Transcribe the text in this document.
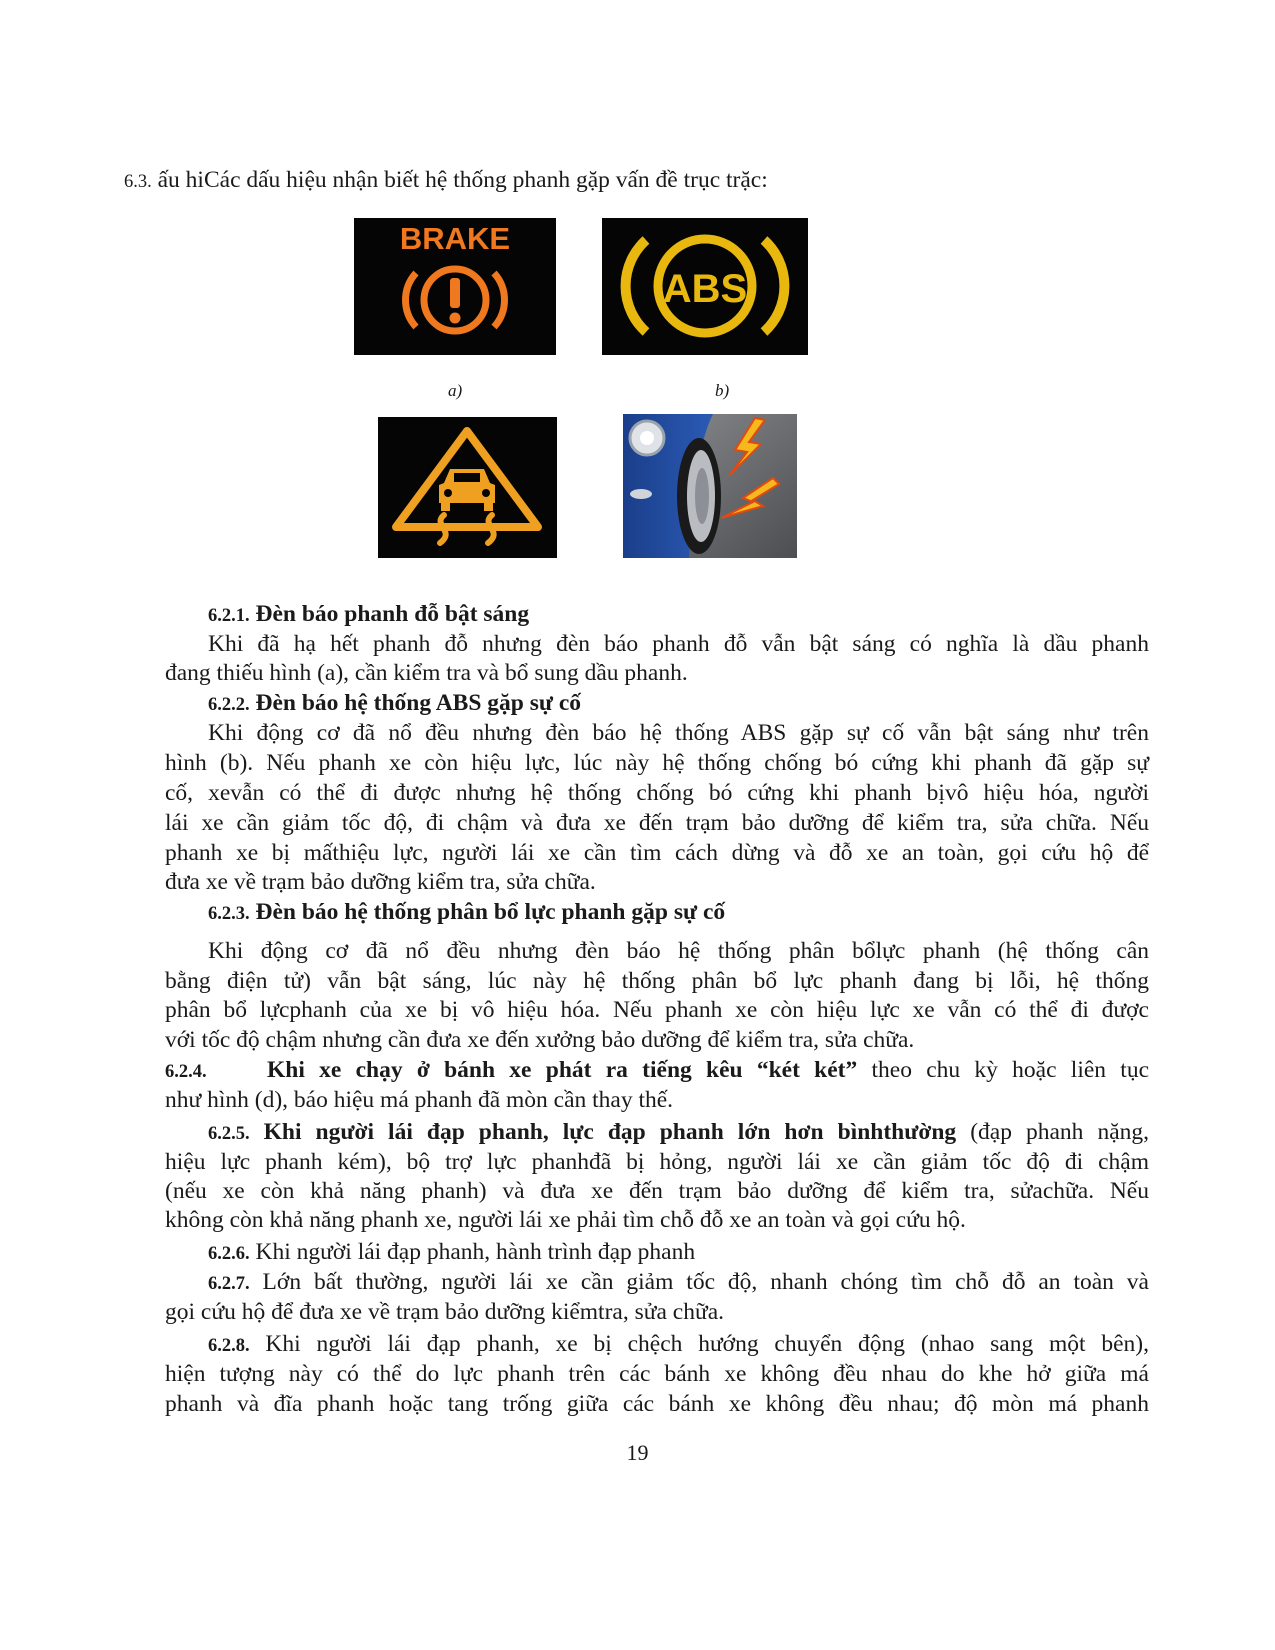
6.3. ấu hiCác dấu hiệu nhận biết hệ thống phanh gặp vấn đề trục trặc:
BRAKE
a)
ABS
b)

6.2.1. Đèn báo phanh đỗ bật sáng

Khi đã hạ hết phanh đỗ nhưng đèn báo phanh đỗ vẫn bật sáng có nghĩa là dầu phanh

đang thiếu hình (a), cần kiểm tra và bổ sung dầu phanh.

6.2.2. Đèn báo hệ thống ABS gặp sự cố

Khi động cơ đã nổ đều nhưng đèn báo hệ thống ABS gặp sự cố vẫn bật sáng như trên

hình (b). Nếu phanh xe còn hiệu lực, lúc này hệ thống chống bó cứng khi phanh đã gặp sự

cố, xevẫn có thể đi được nhưng hệ thống chống bó cứng khi phanh bịvô hiệu hóa, người

lái xe cần giảm tốc độ, đi chậm và đưa xe đến trạm bảo dưỡng để kiểm tra, sửa chữa. Nếu

phanh xe bị mấthiệu lực, người lái xe cần tìm cách dừng và đỗ xe an toàn, gọi cứu hộ để

đưa xe về trạm bảo dưỡng kiểm tra, sửa chữa.

6.2.3. Đèn báo hệ thống phân bổ lực phanh gặp sự cố

Khi động cơ đã nổ đều nhưng đèn báo hệ thống phân bổlực phanh (hệ thống cân

bằng điện tử) vẫn bật sáng, lúc này hệ thống phân bổ lực phanh đang bị lỗi, hệ thống

phân bổ lựcphanh của xe bị vô hiệu hóa. Nếu phanh xe còn hiệu lực xe vẫn có thể đi được

với tốc độ chậm nhưng cần đưa xe đến xưởng bảo dưỡng để kiểm tra, sửa chữa.

6.2.4.	Khi xe chạy ở bánh xe phát ra tiếng kêu “két két” theo chu kỳ hoặc liên tục

như hình (d), báo hiệu má phanh đã mòn cần thay thế.

6.2.5. Khi người lái đạp phanh, lực đạp phanh lớn hơn bìnhthường (đạp phanh nặng,

hiệu lực phanh kém), bộ trợ lực phanhđã bị hỏng, người lái xe cần giảm tốc độ đi chậm

(nếu xe còn khả năng phanh) và đưa xe đến trạm bảo dưỡng để kiểm tra, sửachữa. Nếu

không còn khả năng phanh xe, người lái xe phải tìm chỗ đỗ xe an toàn và gọi cứu hộ.

6.2.6. Khi người lái đạp phanh, hành trình đạp phanh

6.2.7. Lớn bất thường, người lái xe cần giảm tốc độ, nhanh chóng tìm chỗ đỗ an toàn và

gọi cứu hộ để đưa xe về trạm bảo dưỡng kiểmtra, sửa chữa.

6.2.8. Khi người lái đạp phanh, xe bị chệch hướng chuyển động (nhao sang một bên),

hiện tượng này có thể do lực phanh trên các bánh xe không đều nhau do khe hở giữa má

phanh và đĩa phanh hoặc tang trống giữa các bánh xe không đều nhau; độ mòn má phanh

19
